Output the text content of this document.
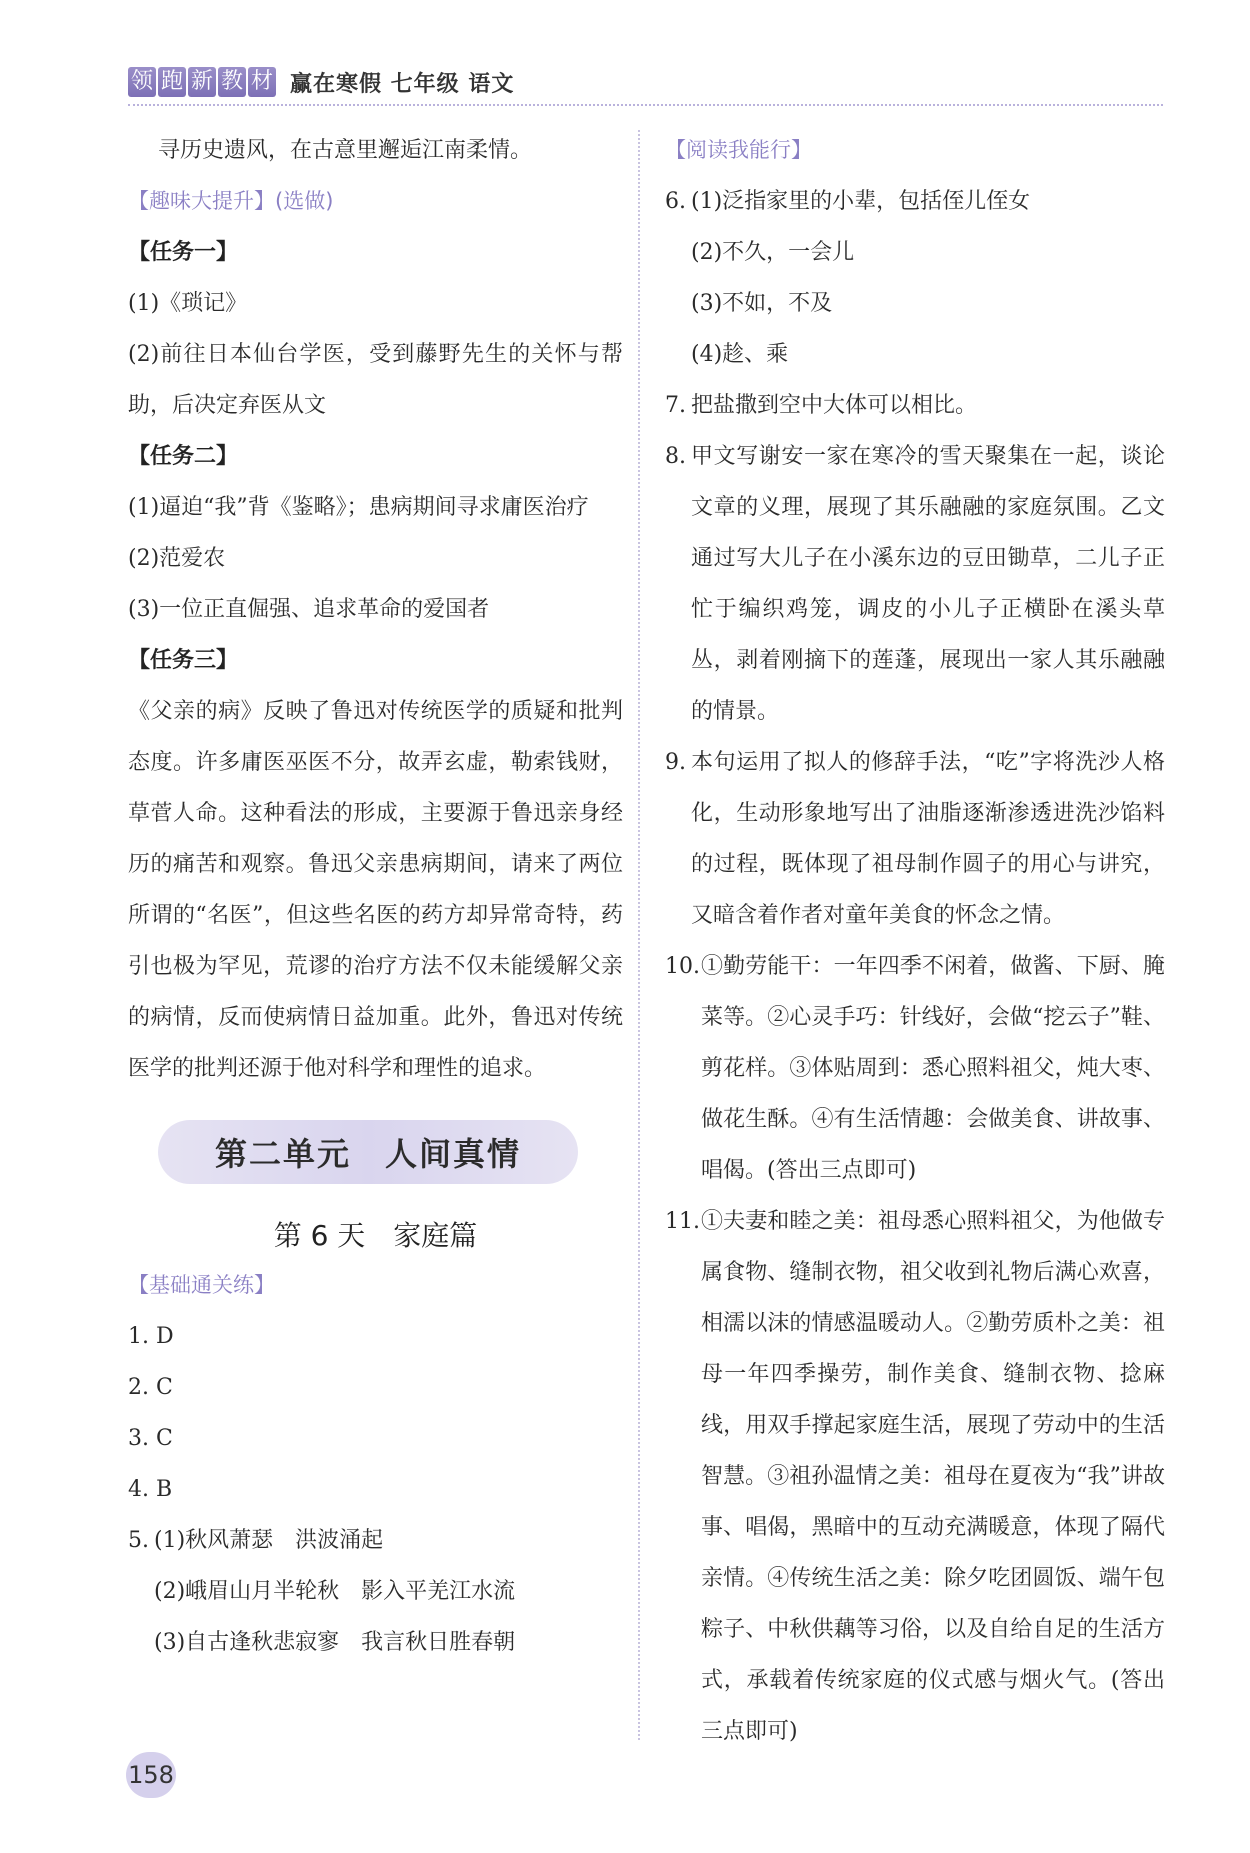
领 跑 新 教 材 赢在寒假 七年级 语文
寻历史遗风，在古意里邂逅江南柔情。
【趣味大提升】(选做)
【任务一】
(1)《琐记》
(2)前往日本仙台学医，受到藤野先生的关怀与帮助，后决定弃医从文
【任务二】
(1)逼迫“我”背《鉴略》；患病期间寻求庸医治疗
(2)范爱农
(3)一位正直倔强、追求革命的爱国者
【任务三】
《父亲的病》反映了鲁迅对传统医学的质疑和批判态度。许多庸医巫医不分，故弄玄虚，勒索钱财，草菅人命。这种看法的形成，主要源于鲁迅亲身经历的痛苦和观察。鲁迅父亲患病期间，请来了两位所谓的“名医”，但这些名医的药方却异常奇特，药引也极为罕见，荒谬的治疗方法不仅未能缓解父亲的病情，反而使病情日益加重。此外，鲁迅对传统医学的批判还源于他对科学和理性的追求。
第二单元　人间真情
第 6 天　家庭篇
【基础通关练】
1. D
2. C
3. C
4. B
5. (1)秋风萧瑟　洪波涌起
(2)峨眉山月半轮秋　影入平羌江水流
(3)自古逢秋悲寂寥　我言秋日胜春朝
【阅读我能行】
6. (1)泛指家里的小辈，包括侄儿侄女
(2)不久，一会儿
(3)不如，不及
(4)趁、乘
7. 把盐撒到空中大体可以相比。
8. 甲文写谢安一家在寒冷的雪天聚集在一起，谈论文章的义理，展现了其乐融融的家庭氛围。乙文通过写大儿子在小溪东边的豆田锄草，二儿子正忙于编织鸡笼，调皮的小儿子正横卧在溪头草丛，剥着刚摘下的莲蓬，展现出一家人其乐融融的情景。
9. 本句运用了拟人的修辞手法，“吃”字将洗沙人格化，生动形象地写出了油脂逐渐渗透进洗沙馅料的过程，既体现了祖母制作圆子的用心与讲究，又暗含着作者对童年美食的怀念之情。
10. ①勤劳能干：一年四季不闲着，做酱、下厨、腌菜等。②心灵手巧：针线好，会做“挖云子”鞋、剪花样。③体贴周到：悉心照料祖父，炖大枣、做花生酥。④有生活情趣：会做美食、讲故事、唱偈。(答出三点即可)
11. ①夫妻和睦之美：祖母悉心照料祖父，为他做专属食物、缝制衣物，祖父收到礼物后满心欢喜，相濡以沫的情感温暖动人。②勤劳质朴之美：祖母一年四季操劳，制作美食、缝制衣物、捻麻线，用双手撑起家庭生活，展现了劳动中的生活智慧。③祖孙温情之美：祖母在夏夜为“我”讲故事、唱偈，黑暗中的互动充满暖意，体现了隔代亲情。④传统生活之美：除夕吃团圆饭、端午包粽子、中秋供藕等习俗，以及自给自足的生活方式，承载着传统家庭的仪式感与烟火气。(答出三点即可)
158
